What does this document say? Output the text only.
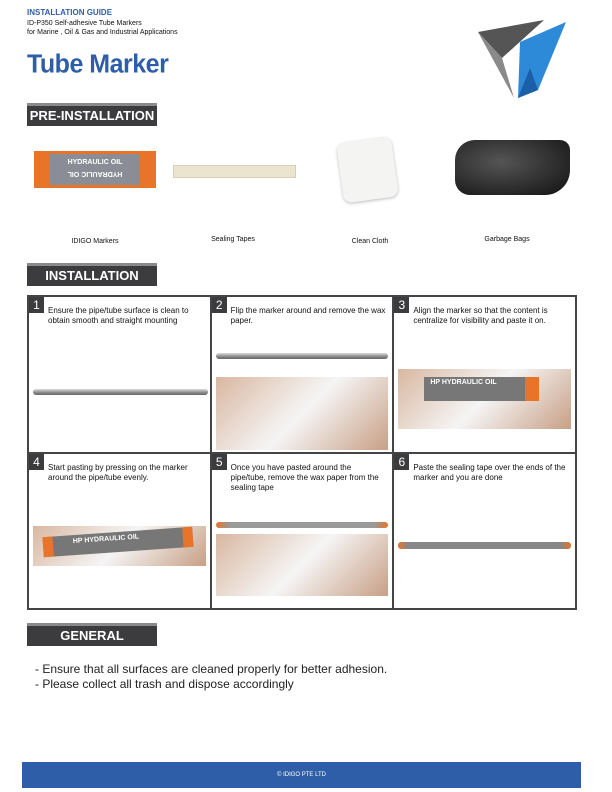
INSTALLATION GUIDE
ID-P350 Self-adhesive Tube Markers
for Marine , Oil & Gas and Industrial Applications
Tube Marker
PRE-INSTALLATION
HYDRAULIC OIL
HYDRAULIC OIL
IDIGO Markers	Sealing Tapes	Clean Cloth	Garbage Bags
INSTALLATION
1	Ensure the pipe/tube surface is clean to obtain smooth and straight mounting
2	Flip the marker around and remove the wax paper.
3	Align the marker so that the content is centralize for visibility and paste it on.
HP HYDRAULIC OIL
4	Start pasting by pressing on the marker around the pipe/tube evenly.
HP HYDRAULIC OIL
5	Once you have pasted around the pipe/tube, remove the wax paper from the sealing tape
6	Paste the sealing tape over the ends of the marker and you are done
GENERAL
- Ensure that all surfaces are cleaned properly for better adhesion.
- Please collect all trash and dispose accordingly
© IDIGO PTE LTD
